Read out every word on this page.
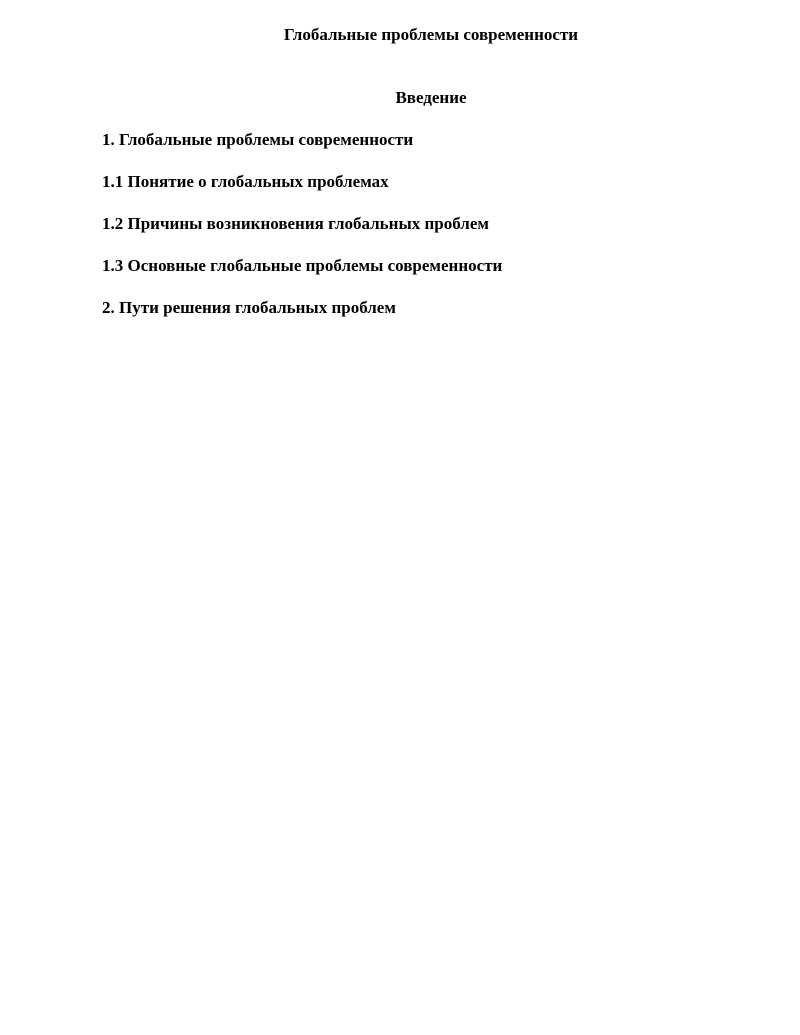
Глобальные проблемы современности
Введение
1. Глобальные проблемы современности
1.1 Понятие о глобальных проблемах
1.2 Причины возникновения глобальных проблем
1.3 Основные глобальные проблемы современности
2. Пути решения глобальных проблем
